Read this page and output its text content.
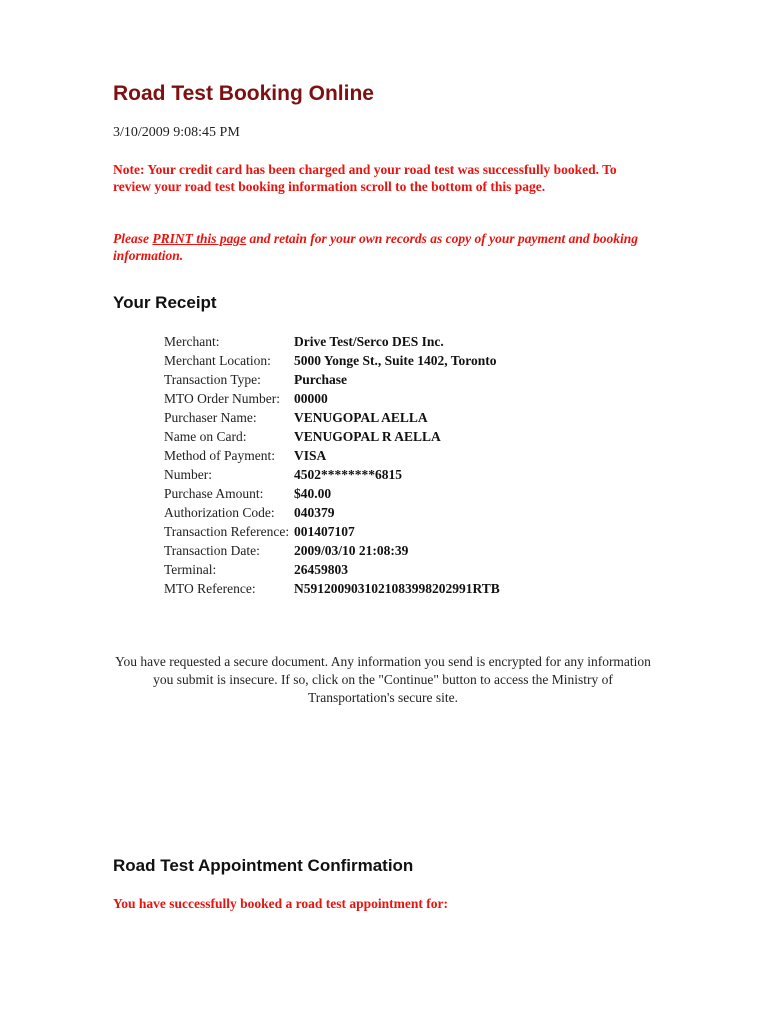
Road Test Booking Online
3/10/2009 9:08:45 PM

Note: Your credit card has been charged and your road test was successfully booked. To review your road test booking information scroll to the bottom of this page.

Please PRINT this page and retain for your own records as copy of your payment and booking information.

Your Receipt
Merchant:	Drive Test/Serco DES Inc.
Merchant Location:	5000 Yonge St., Suite 1402, Toronto
Transaction Type:	Purchase
MTO Order Number:	00000
Purchaser Name:	VENUGOPAL AELLA
Name on Card:	VENUGOPAL R AELLA
Method of Payment:	VISA
Number:	4502********6815
Purchase Amount:	$40.00
Authorization Code:	040379
Transaction Reference:	001407107
Transaction Date:	2009/03/10 21:08:39
Terminal:	26459803
MTO Reference:	N5912009031021083998202991RTB

You have requested a secure document. Any information you send is encrypted for any information you submit is insecure. If so, click on the "Continue" button to access the Ministry of Transportation's secure site.

Road Test Appointment Confirmation

You have successfully booked a road test appointment for:
